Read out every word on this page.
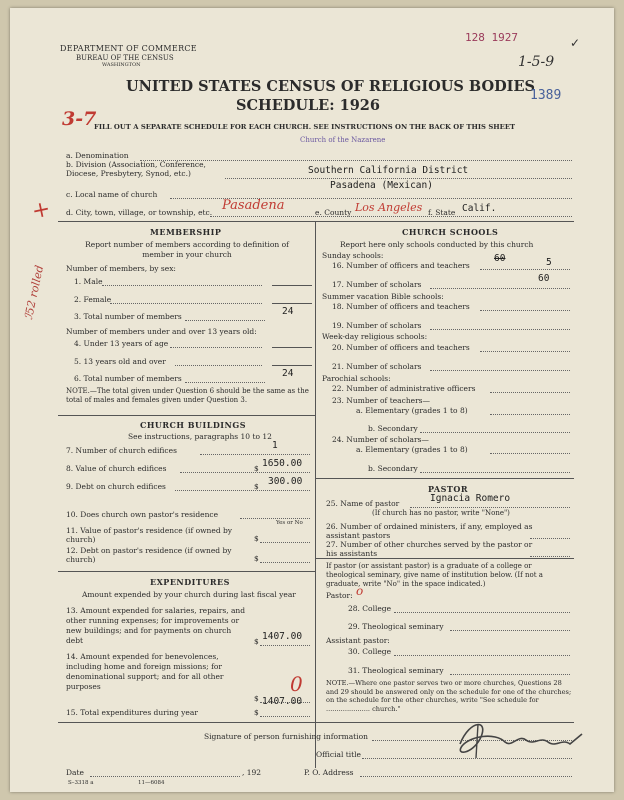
DEPARTMENT OF COMMERCE
BUREAU OF THE CENSUS
WASHINGTON
128 1927	✓
1-5-9
UNITED STATES CENSUS OF RELIGIOUS BODIES
SCHEDULE: 1926
1389
3-7
FILL OUT A SEPARATE SCHEDULE FOR EACH CHURCH. SEE INSTRUCTIONS ON THE BACK OF THIS SHEET
Church of the Nazarene
a. Denomination
b. Division (Association, Conference, Diocese, Presbytery, Synod, etc.)	Southern California District
c. Local name of church
Pasadena (Mexican)
d. City, town, village, or township, etc. Pasadena	e. County Los Angeles f. State Calif.
+
ℐ52 rolled
MEMBERSHIP
Report number of members according to definition of member in your church
Number of members, by sex:
1. Male
2. Female
3. Total number of members	24
Number of members under and over 13 years old:
4. Under 13 years of age
5. 13 years old and over
6. Total number of members	24
NOTE.—The total given under Question 6 should be the same as the total of males and females given under Question 3.
CHURCH BUILDINGS
See instructions, paragraphs 10 to 12
7. Number of church edifices	1
8. Value of church edifices	$ 1650.00
9. Debt on church edifices	$ 300.00
10. Does church own pastor's residence
Yes or No
11. Value of pastor's residence (if owned by church)	$
12. Debt on pastor's residence (if owned by church)	$
EXPENDITURES
Amount expended by your church during last fiscal year
13. Amount expended for salaries, repairs, and other running expenses; for improvements or new buildings; and for payments on church debt	$ 1407.00
14. Amount expended for benevolences, including home and foreign missions; for denominational support; and for all other purposes
$
0
15. Total expenditures during year	$
1407.00
CHURCH SCHOOLS
Report here only schools conducted by this church
Sunday schools:
16. Number of officers and teachers
60	5
17. Number of scholars
60
Summer vacation Bible schools:
18. Number of officers and teachers
19. Number of scholars
Week-day religious schools:
20. Number of officers and teachers
21. Number of scholars
Parochial schools:
22. Number of administrative officers
23. Number of teachers—
a. Elementary (grades 1 to 8)
b. Secondary
24. Number of scholars—
a. Elementary (grades 1 to 8)
b. Secondary
PASTOR
25. Name of pastor	Ignacia Romero
(If church has no pastor, write "None")
26. Number of ordained ministers, if any, employed as assistant pastors
27. Number of other churches served by the pastor or his assistants
If pastor (or assistant pastor) is a graduate of a college or theological seminary, give name of institution below. (If not a graduate, write "No" in the space indicated.)
Pastor: o
28. College
29. Theological seminary
Assistant pastor:
30. College
31. Theological seminary
NOTE.—Where one pastor serves two or more churches, Questions 28 and 29 should be answered only on the schedule for one of the churches; on the schedule for the other churches, write "See schedule for ..................... church."
Signature of person furnishing information
Official title
Date	, 192	P. O. Address
S–3318 a	11—6084
